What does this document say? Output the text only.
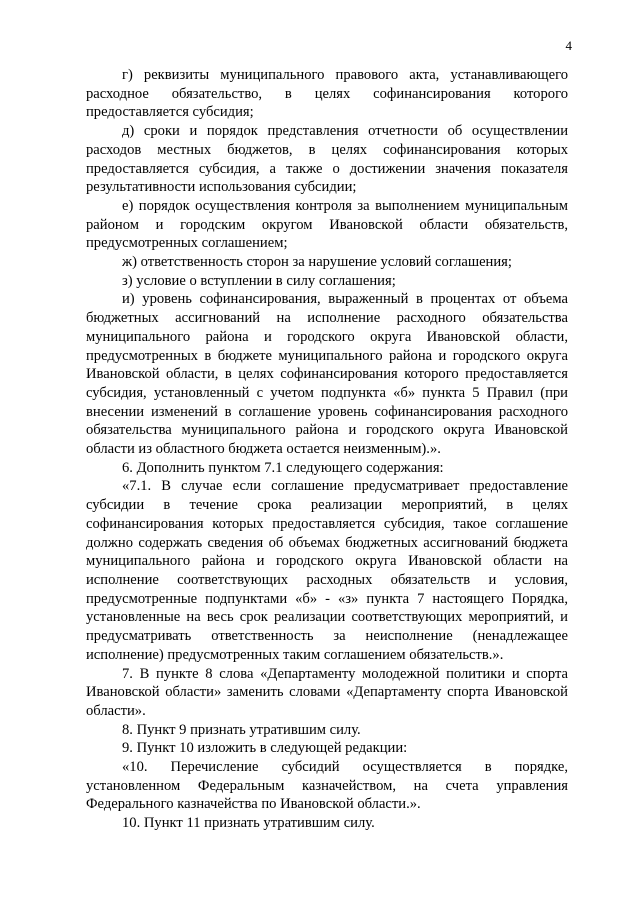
4

г) реквизиты муниципального правового акта, устанавливающего расходное обязательство, в целях софинансирования которого предоставляется субсидия;

д) сроки и порядок представления отчетности об осуществлении расходов местных бюджетов, в целях софинансирования которых предоставляется субсидия, а также о достижении значения показателя результативности использования субсидии;

е) порядок осуществления контроля за выполнением муниципальным районом и городским округом Ивановской области обязательств, предусмотренных соглашением;

ж) ответственность сторон за нарушение условий соглашения;

з) условие о вступлении в силу соглашения;

и) уровень софинансирования, выраженный в процентах от объема бюджетных ассигнований на исполнение расходного обязательства муниципального района и городского округа Ивановской области, предусмотренных в бюджете муниципального района и городского округа Ивановской области, в целях софинансирования которого предоставляется субсидия, установленный с учетом подпункта «б» пункта 5 Правил (при внесении изменений в соглашение уровень софинансирования расходного обязательства муниципального района и городского округа Ивановской области из областного бюджета остается неизменным).».

6. Дополнить пунктом 7.1 следующего содержания:

«7.1. В случае если соглашение предусматривает предоставление субсидии в течение срока реализации мероприятий, в целях софинансирования которых предоставляется субсидия, такое соглашение должно содержать сведения об объемах бюджетных ассигнований бюджета муниципального района и городского округа Ивановской области на исполнение соответствующих расходных обязательств и условия, предусмотренные подпунктами «б» - «з» пункта 7 настоящего Порядка, установленные на весь срок реализации соответствующих мероприятий, и предусматривать ответственность за неисполнение (ненадлежащее исполнение) предусмотренных таким соглашением обязательств.».

7. В пункте 8 слова «Департаменту молодежной политики и спорта Ивановской области» заменить словами «Департаменту спорта Ивановской области».

8. Пункт 9 признать утратившим силу.

9. Пункт 10 изложить в следующей редакции:

«10. Перечисление субсидий осуществляется в порядке, установленном Федеральным казначейством, на счета управления Федерального казначейства по Ивановской области.».

10. Пункт 11 признать утратившим силу.
